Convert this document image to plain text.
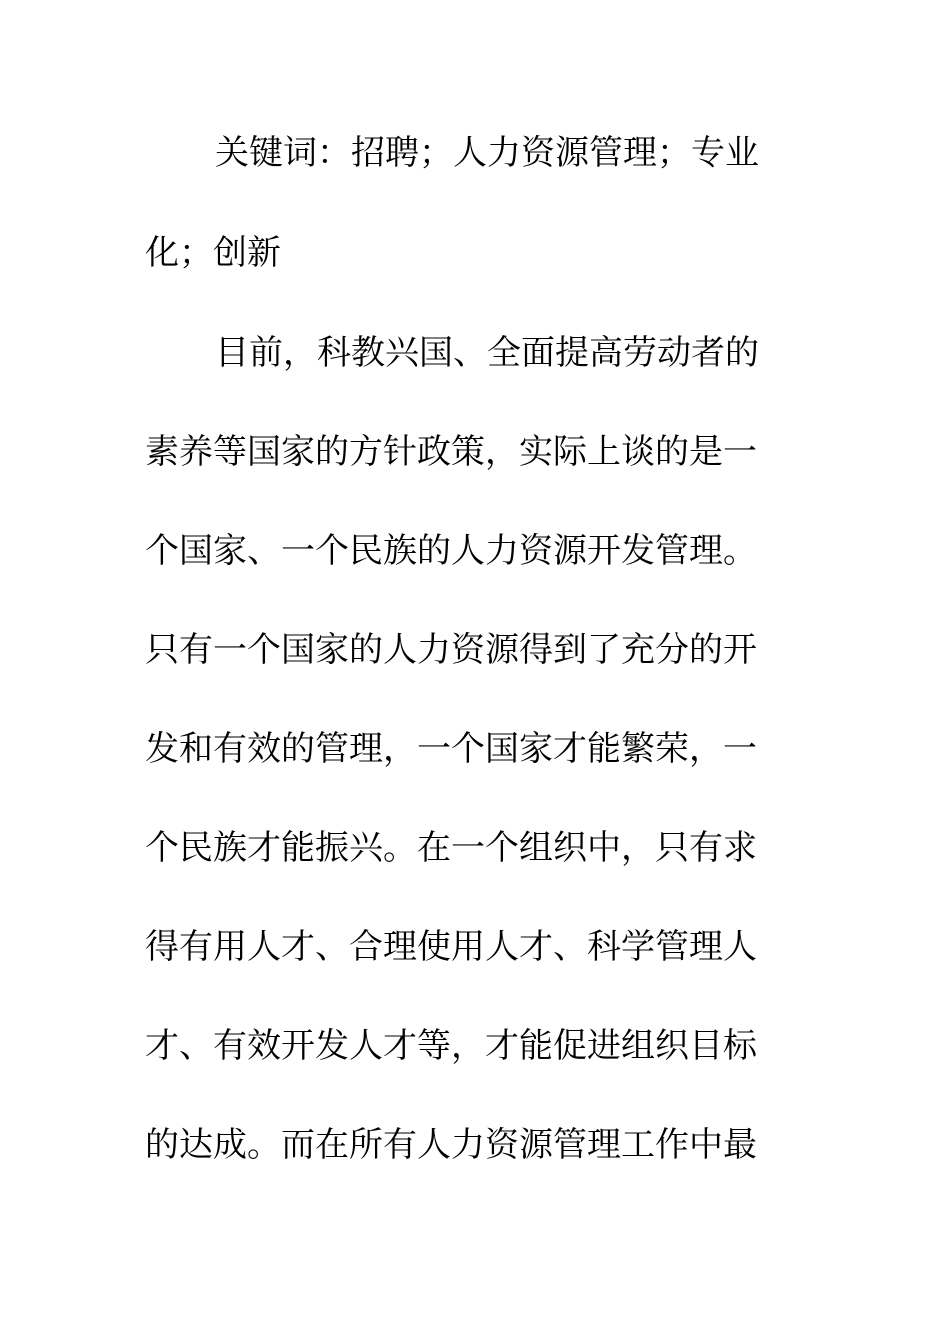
关键词：招聘；人力资源管理；专业
化；创新
目前，科教兴国、全面提高劳动者的
素养等国家的方针政策，实际上谈的是一
个国家、一个民族的人力资源开发管理。
只有一个国家的人力资源得到了充分的开
发和有效的管理，一个国家才能繁荣，一
个民族才能振兴。在一个组织中，只有求
得有用人才、合理使用人才、科学管理人
才、有效开发人才等，才能促进组织目标
的达成。而在所有人力资源管理工作中最
